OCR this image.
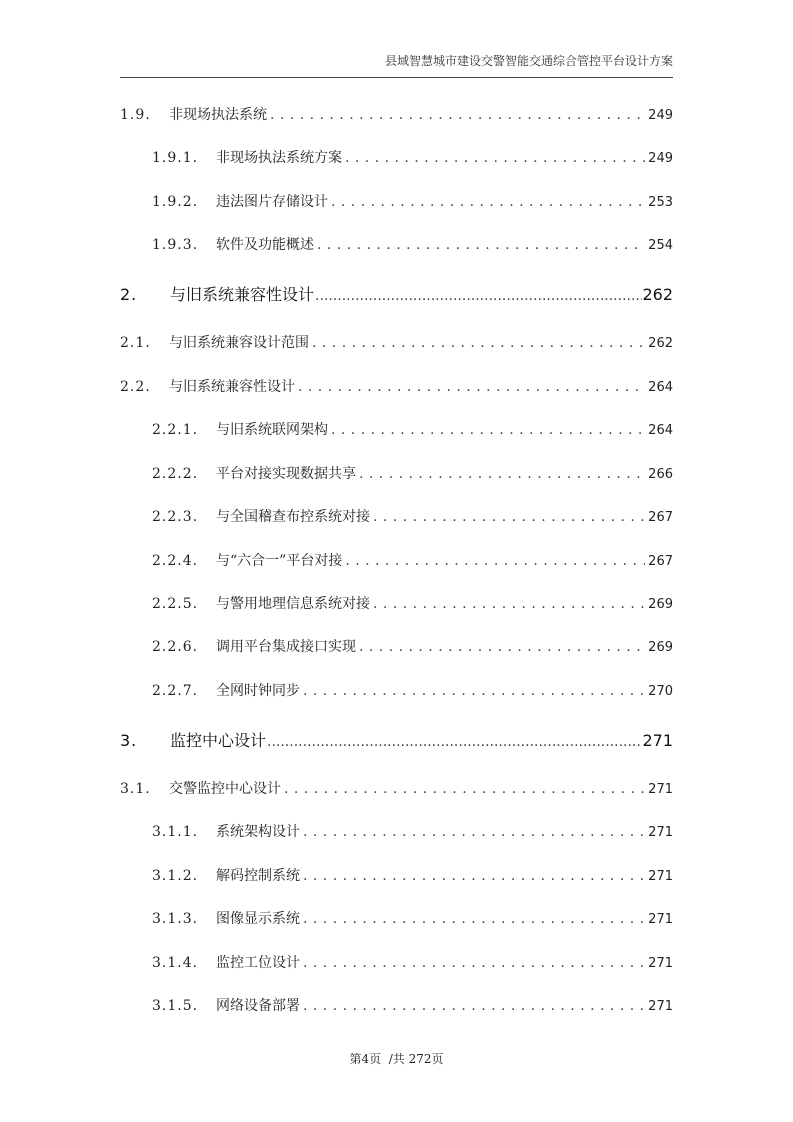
县域智慧城市建设交警智能交通综合管控平台设计方案
1.9.	非现场执法系统 . . .	249
1.9.1.	非现场执法系统方案 . . .	249
1.9.2.	违法图片存储设计 . . .	253
1.9.3.	软件及功能概述 . . .	254
2.	与旧系统兼容性设计 .....	262
2.1.	与旧系统兼容设计范围 . . .	262
2.2.	与旧系统兼容性设计 . . .	264
2.2.1.	与旧系统联网架构 . . .	264
2.2.2.	平台对接实现数据共享 . . .	266
2.2.3.	与全国稽查布控系统对接 . . .	267
2.2.4.	与“六合一”平台对接 . . .	267
2.2.5.	与警用地理信息系统对接 . . .	269
2.2.6.	调用平台集成接口实现 . . .	269
2.2.7.	全网时钟同步 . . .	270
3.	监控中心设计 .....	271
3.1.	交警监控中心设计 . . .	271
3.1.1.	系统架构设计 . . .	271
3.1.2.	解码控制系统 . . .	271
3.1.3.	图像显示系统 . . .	271
3.1.4.	监控工位设计 . . .	271
3.1.5.	网络设备部署 . . .	271
第4页  /共 272页
